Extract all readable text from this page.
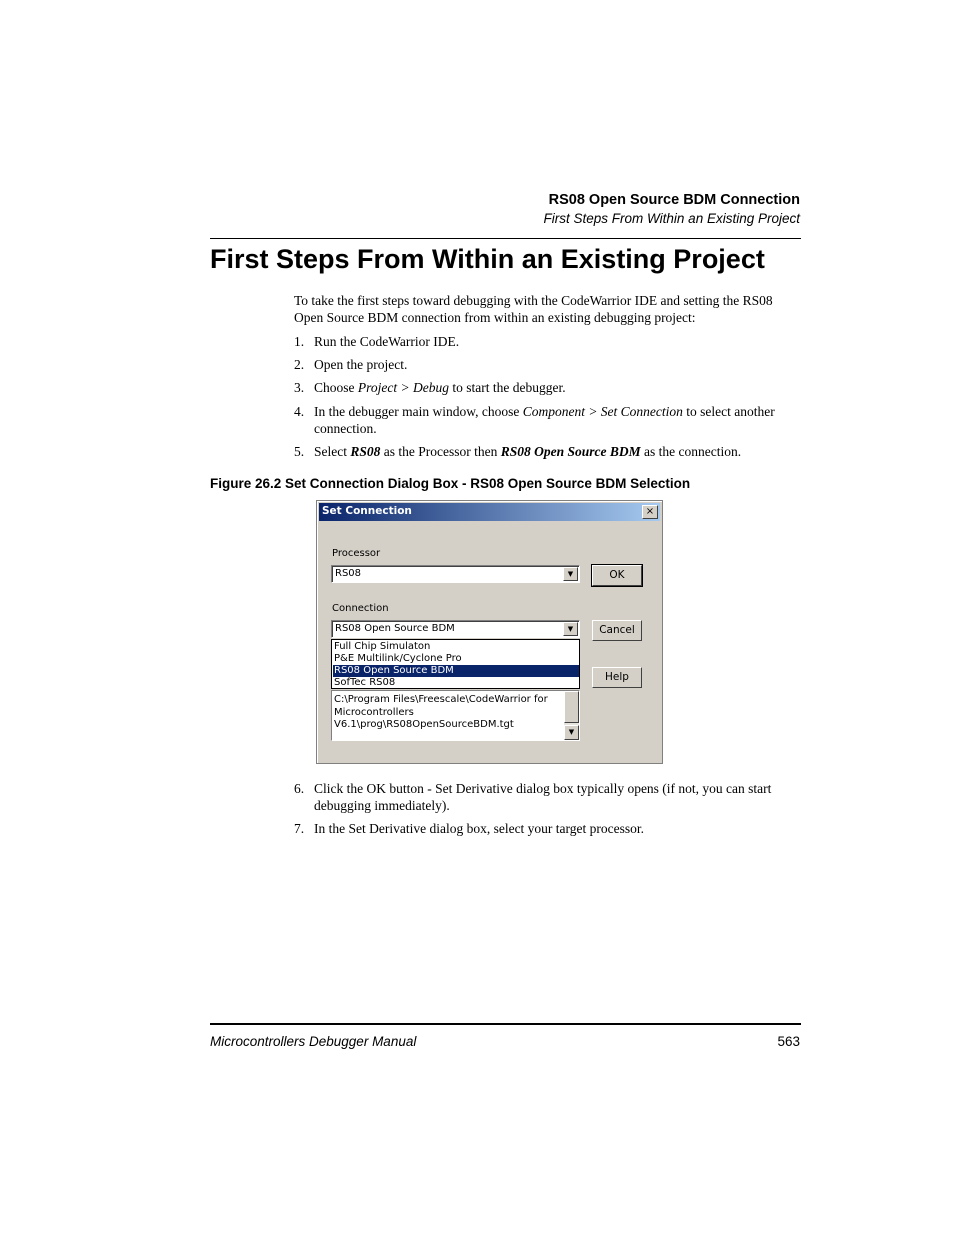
RS08 Open Source BDM Connection
First Steps From Within an Existing Project
First Steps From Within an Existing Project
To take the first steps toward debugging with the CodeWarrior IDE and setting the RS08 Open Source BDM connection from within an existing debugging project:
1. Run the CodeWarrior IDE.
2. Open the project.
3. Choose Project > Debug to start the debugger.
4. In the debugger main window, choose Component > Set Connection to select another connection.
5. Select RS08 as the Processor then RS08 Open Source BDM as the connection.
Figure 26.2 Set Connection Dialog Box - RS08 Open Source BDM Selection
Set Connection	×
Processor
RS08	▼
Connection
RS08 Open Source BDM	▼
Full Chip Simulaton
P&E Multilink/Cyclone Pro
RS08 Open Source BDM
SofTec RS08
C:\Program Files\Freescale\CodeWarrior for
Microcontrollers
V6.1\prog\RS08OpenSourceBDM.tgt
▼
OK
Cancel
Help
6. Click the OK button - Set Derivative dialog box typically opens (if not, you can start debugging immediately).
7. In the Set Derivative dialog box, select your target processor.
Microcontrollers Debugger Manual	563
